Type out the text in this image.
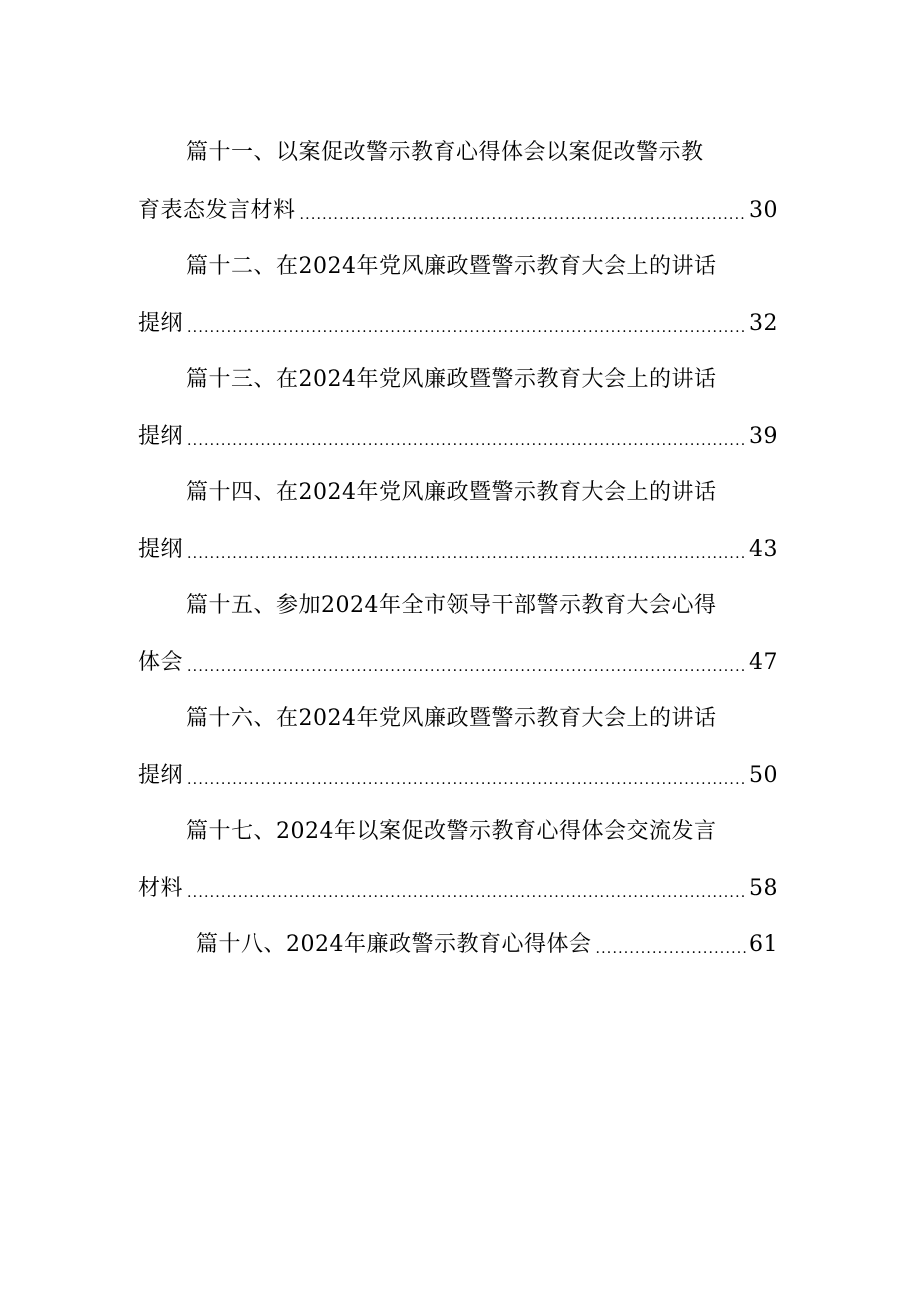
篇十一、以案促改警示教育心得体会以案促改警示教
育表态发言材料 .....	30
篇十二、在2024年党风廉政暨警示教育大会上的讲话
提纲 .....	32
篇十三、在2024年党风廉政暨警示教育大会上的讲话
提纲 .....	39
篇十四、在2024年党风廉政暨警示教育大会上的讲话
提纲 .....	43
篇十五、参加2024年全市领导干部警示教育大会心得
体会 .....	47
篇十六、在2024年党风廉政暨警示教育大会上的讲话
提纲 .....	50
篇十七、2024年以案促改警示教育心得体会交流发言
材料 .....	58
篇十八、2024年廉政警示教育心得体会 .....	61
